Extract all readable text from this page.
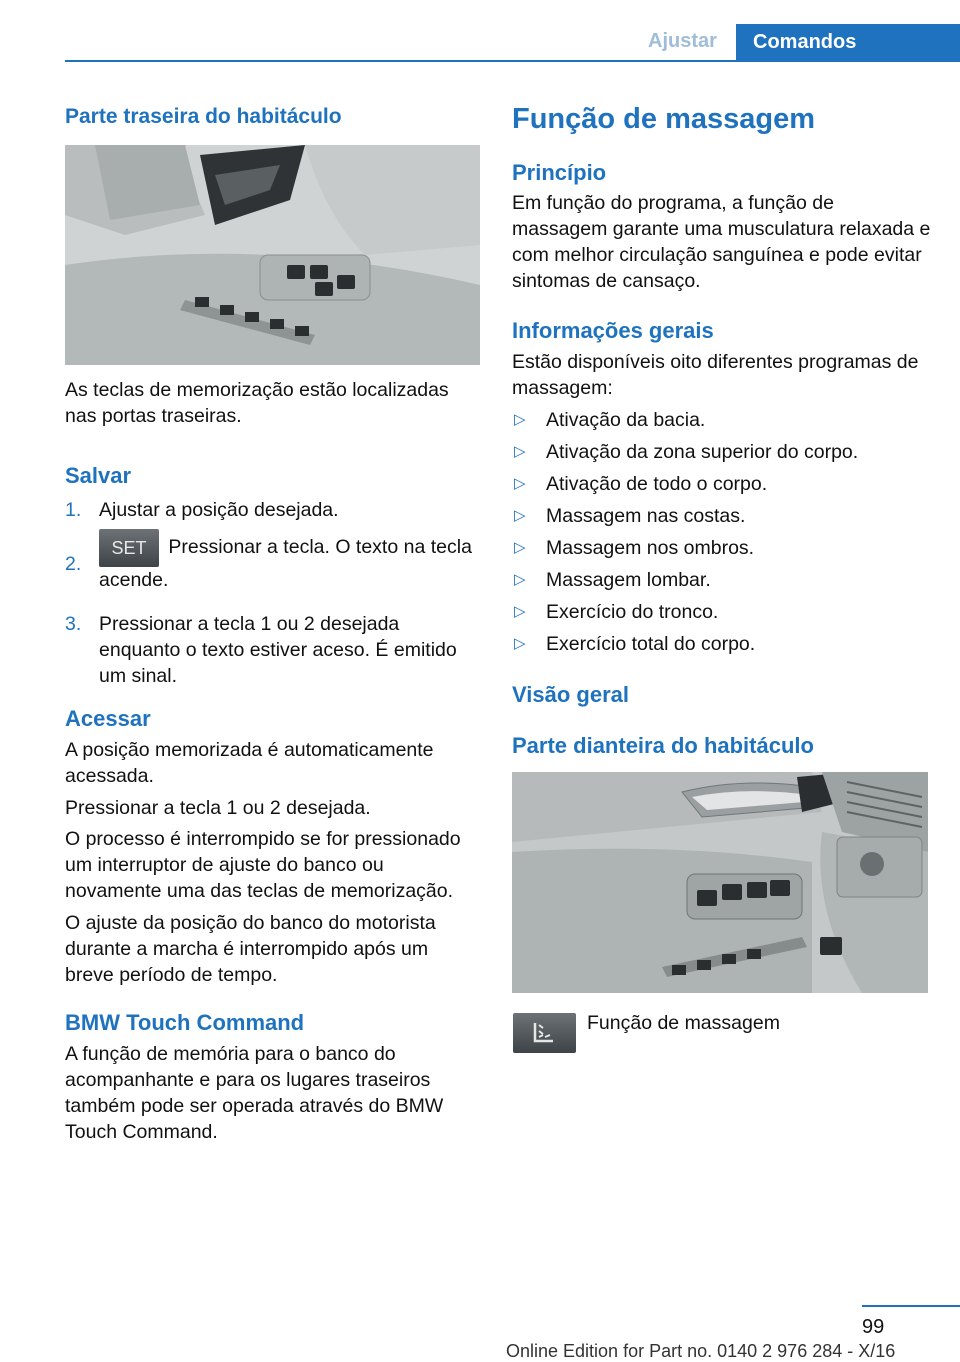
Ajustar	Comandos
Parte traseira do habitáculo

As teclas de memorização estão localizadas nas portas traseiras.

Salvar
1. Ajustar a posição desejada.
2.
SET Pressionar a tecla. O texto na tecla acende.
3. Pressionar a tecla 1 ou 2 desejada enquanto o texto estiver aceso. É emitido um sinal.
Acessar

A posição memorizada é automaticamente acessada.

Pressionar a tecla 1 ou 2 desejada.

O processo é interrompido se for pressionado um interruptor de ajuste do banco ou novamente uma das teclas de memorização.

O ajuste da posição do banco do motorista durante a marcha é interrompido após um breve período de tempo.

BMW Touch Command

A função de memória para o banco do acompanhante e para os lugares traseiros também pode ser operada através do BMW Touch Command.

Função de massagem
Princípio

Em função do programa, a função de massagem garante uma musculatura relaxada e com melhor circulação sanguínea e pode evitar sintomas de cansaço.

Informações gerais

Estão disponíveis oito diferentes programas de massagem:

▷ Ativação da bacia.
▷ Ativação da zona superior do corpo.
▷ Ativação de todo o corpo.
▷ Massagem nas costas.
▷ Massagem nos ombros.
▷ Massagem lombar.
▷ Exercício do tronco.
▷ Exercício total do corpo.
Visão geral
Parte dianteira do habitáculo

Função de massagem

99
Online Edition for Part no. 0140 2 976 284 - X/16
